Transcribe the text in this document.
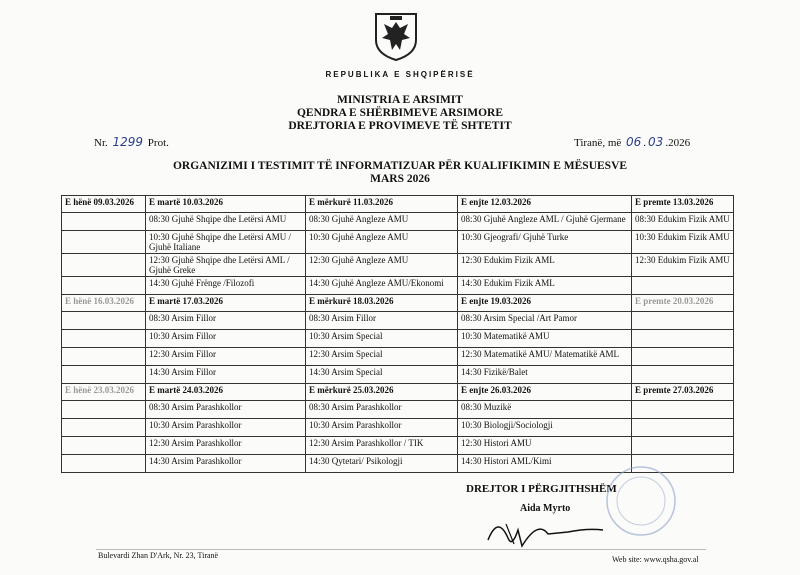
REPUBLIKA E SHQIPËRISË
MINISTRIA E ARSIMIT
QENDRA E SHËRBIMEVE ARSIMORE
DREJTORIA E PROVIMEVE TË SHTETIT
Nr. 1299 Prot.	Tiranë, më 06 . 03 .2026
ORGANIZIMI I TESTIMIT TË INFORMATIZUAR PËR KUALIFIKIMIN E MËSUESVE
MARS 2026
E hënë 09.03.2026	E martë 10.03.2026	E mërkurë 11.03.2026	E enjte 12.03.2026	E premte 13.03.2026
	08:30 Gjuhë Shqipe dhe Letërsi AMU	08:30 Gjuhë Angleze AMU	08:30 Gjuhë Angleze AML / Gjuhë Gjermane	08:30 Edukim Fizik AMU
	10:30 Gjuhë Shqipe dhe Letërsi AMU / Gjuhë Italiane	10:30 Gjuhë Angleze AMU	10:30 Gjeografi/ Gjuhë Turke	10:30 Edukim Fizik AMU
	12:30 Gjuhë Shqipe dhe Letërsi AML / Gjuhë Greke	12:30 Gjuhë Angleze AMU	12:30 Edukim Fizik AML	12:30 Edukim Fizik AMU
	14:30 Gjuhë Frënge /Filozofi	14:30 Gjuhë Angleze AMU/Ekonomi	14:30 Edukim Fizik AML	
E hënë 16.03.2026	E martë 17.03.2026	E mërkurë 18.03.2026	E enjte 19.03.2026	E premte 20.03.2026
	08:30 Arsim Fillor	08:30 Arsim Fillor	08:30 Arsim Special /Art Pamor	
	10:30 Arsim Fillor	10:30 Arsim Special	10:30 Matematikë AMU	
	12:30 Arsim Fillor	12:30 Arsim Special	12:30 Matematikë AMU/ Matematikë AML	
	14:30 Arsim Fillor	14:30 Arsim Special	14:30 Fizikë/Balet	
E hënë 23.03.2026	E martë 24.03.2026	E mërkurë 25.03.2026	E enjte 26.03.2026	E premte 27.03.2026
	08:30 Arsim Parashkollor	08:30 Arsim Parashkollor	08:30 Muzikë	
	10:30 Arsim Parashkollor	10:30 Arsim Parashkollor	10:30 Biologji/Sociologji	
	12:30 Arsim Parashkollor	12:30 Arsim Parashkollor / TIK	12:30 Histori AMU	
	14:30 Arsim Parashkollor	14:30 Qytetari/ Psikologji	14:30 Histori AML/Kimi	
DREJTOR I PËRGJITHSHËM
Aida Myrto
Bulevardi Zhan D'Ark, Nr. 23, Tiranë	Web site: www.qsha.gov.al
